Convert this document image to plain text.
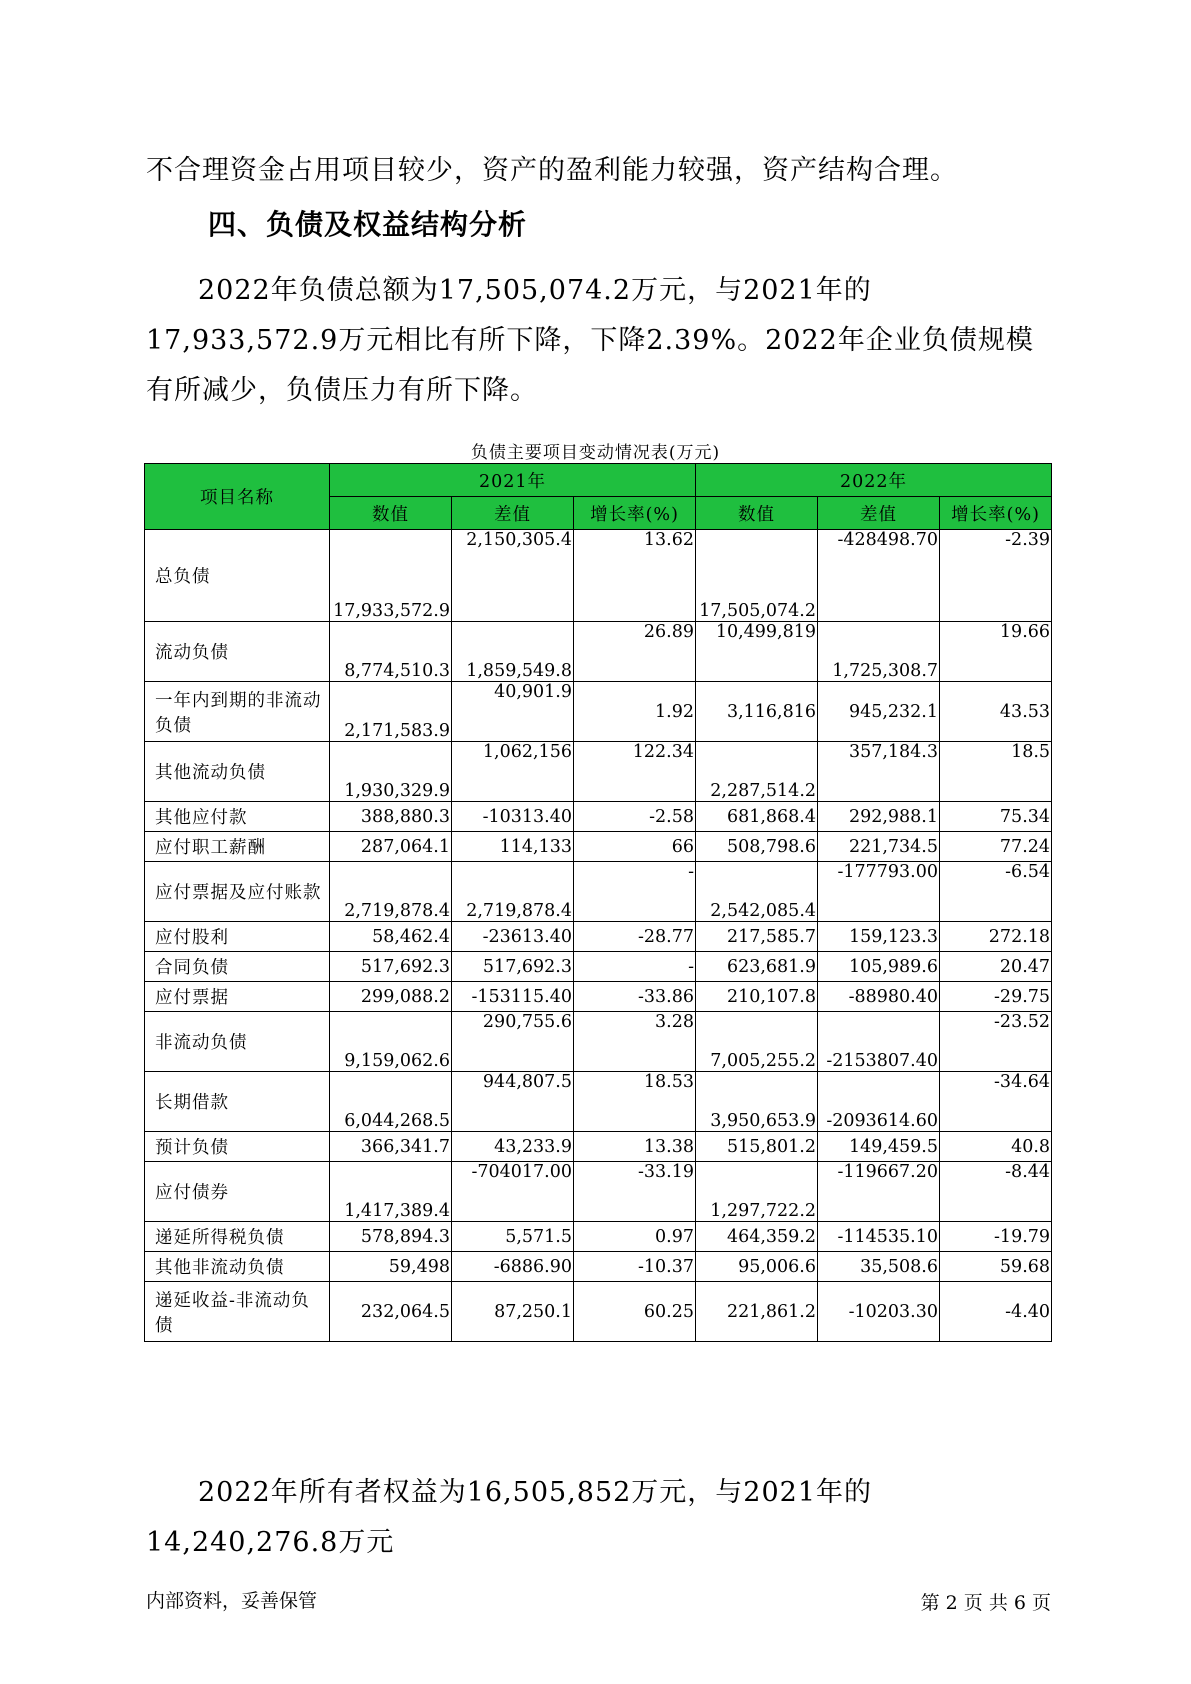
不合理资金占用项目较少，资产的盈利能力较强，资产结构合理。
四、负债及权益结构分析
2022年负债总额为17,505,074.2万元，与2021年的17,933,572.9万元相比有所下降，下降2.39%。2022年企业负债规模有所减少，负债压力有所下降。
负债主要项目变动情况表(万元)
项目名称	2021年			2022年		
	数值	差值	增长率(%)	数值	差值	增长率(%)
总负债	17,933,572.9	2,150,305.4	13.62	17,505,074.2	-428498.70	-2.39
流动负债	8,774,510.3	1,859,549.8	26.89	10,499,819	1,725,308.7	19.66
一年内到期的非流动负债	2,171,583.9	40,901.9	1.92	3,116,816	945,232.1	43.53
其他流动负债	1,930,329.9	1,062,156	122.34	2,287,514.2	357,184.3	18.5
其他应付款	388,880.3	-10313.40	-2.58	681,868.4	292,988.1	75.34
应付职工薪酬	287,064.1	114,133	66	508,798.6	221,734.5	77.24
应付票据及应付账款	2,719,878.4	2,719,878.4	-	2,542,085.4	-177793.00	-6.54
应付股利	58,462.4	-23613.40	-28.77	217,585.7	159,123.3	272.18
合同负债	517,692.3	517,692.3	-	623,681.9	105,989.6	20.47
应付票据	299,088.2	-153115.40	-33.86	210,107.8	-88980.40	-29.75
非流动负债	9,159,062.6	290,755.6	3.28	7,005,255.2	-2153807.40	-23.52
长期借款	6,044,268.5	944,807.5	18.53	3,950,653.9	-2093614.60	-34.64
预计负债	366,341.7	43,233.9	13.38	515,801.2	149,459.5	40.8
应付债券	1,417,389.4	-704017.00	-33.19	1,297,722.2	-119667.20	-8.44
递延所得税负债	578,894.3	5,571.5	0.97	464,359.2	-114535.10	-19.79
其他非流动负债	59,498	-6886.90	-10.37	95,006.6	35,508.6	59.68
递延收益-非流动负债	232,064.5	87,250.1	60.25	221,861.2	-10203.30	-4.40
2022年所有者权益为16,505,852万元，与2021年的14,240,276.8万元
内部资料，妥善保管	第 2 页 共 6 页
